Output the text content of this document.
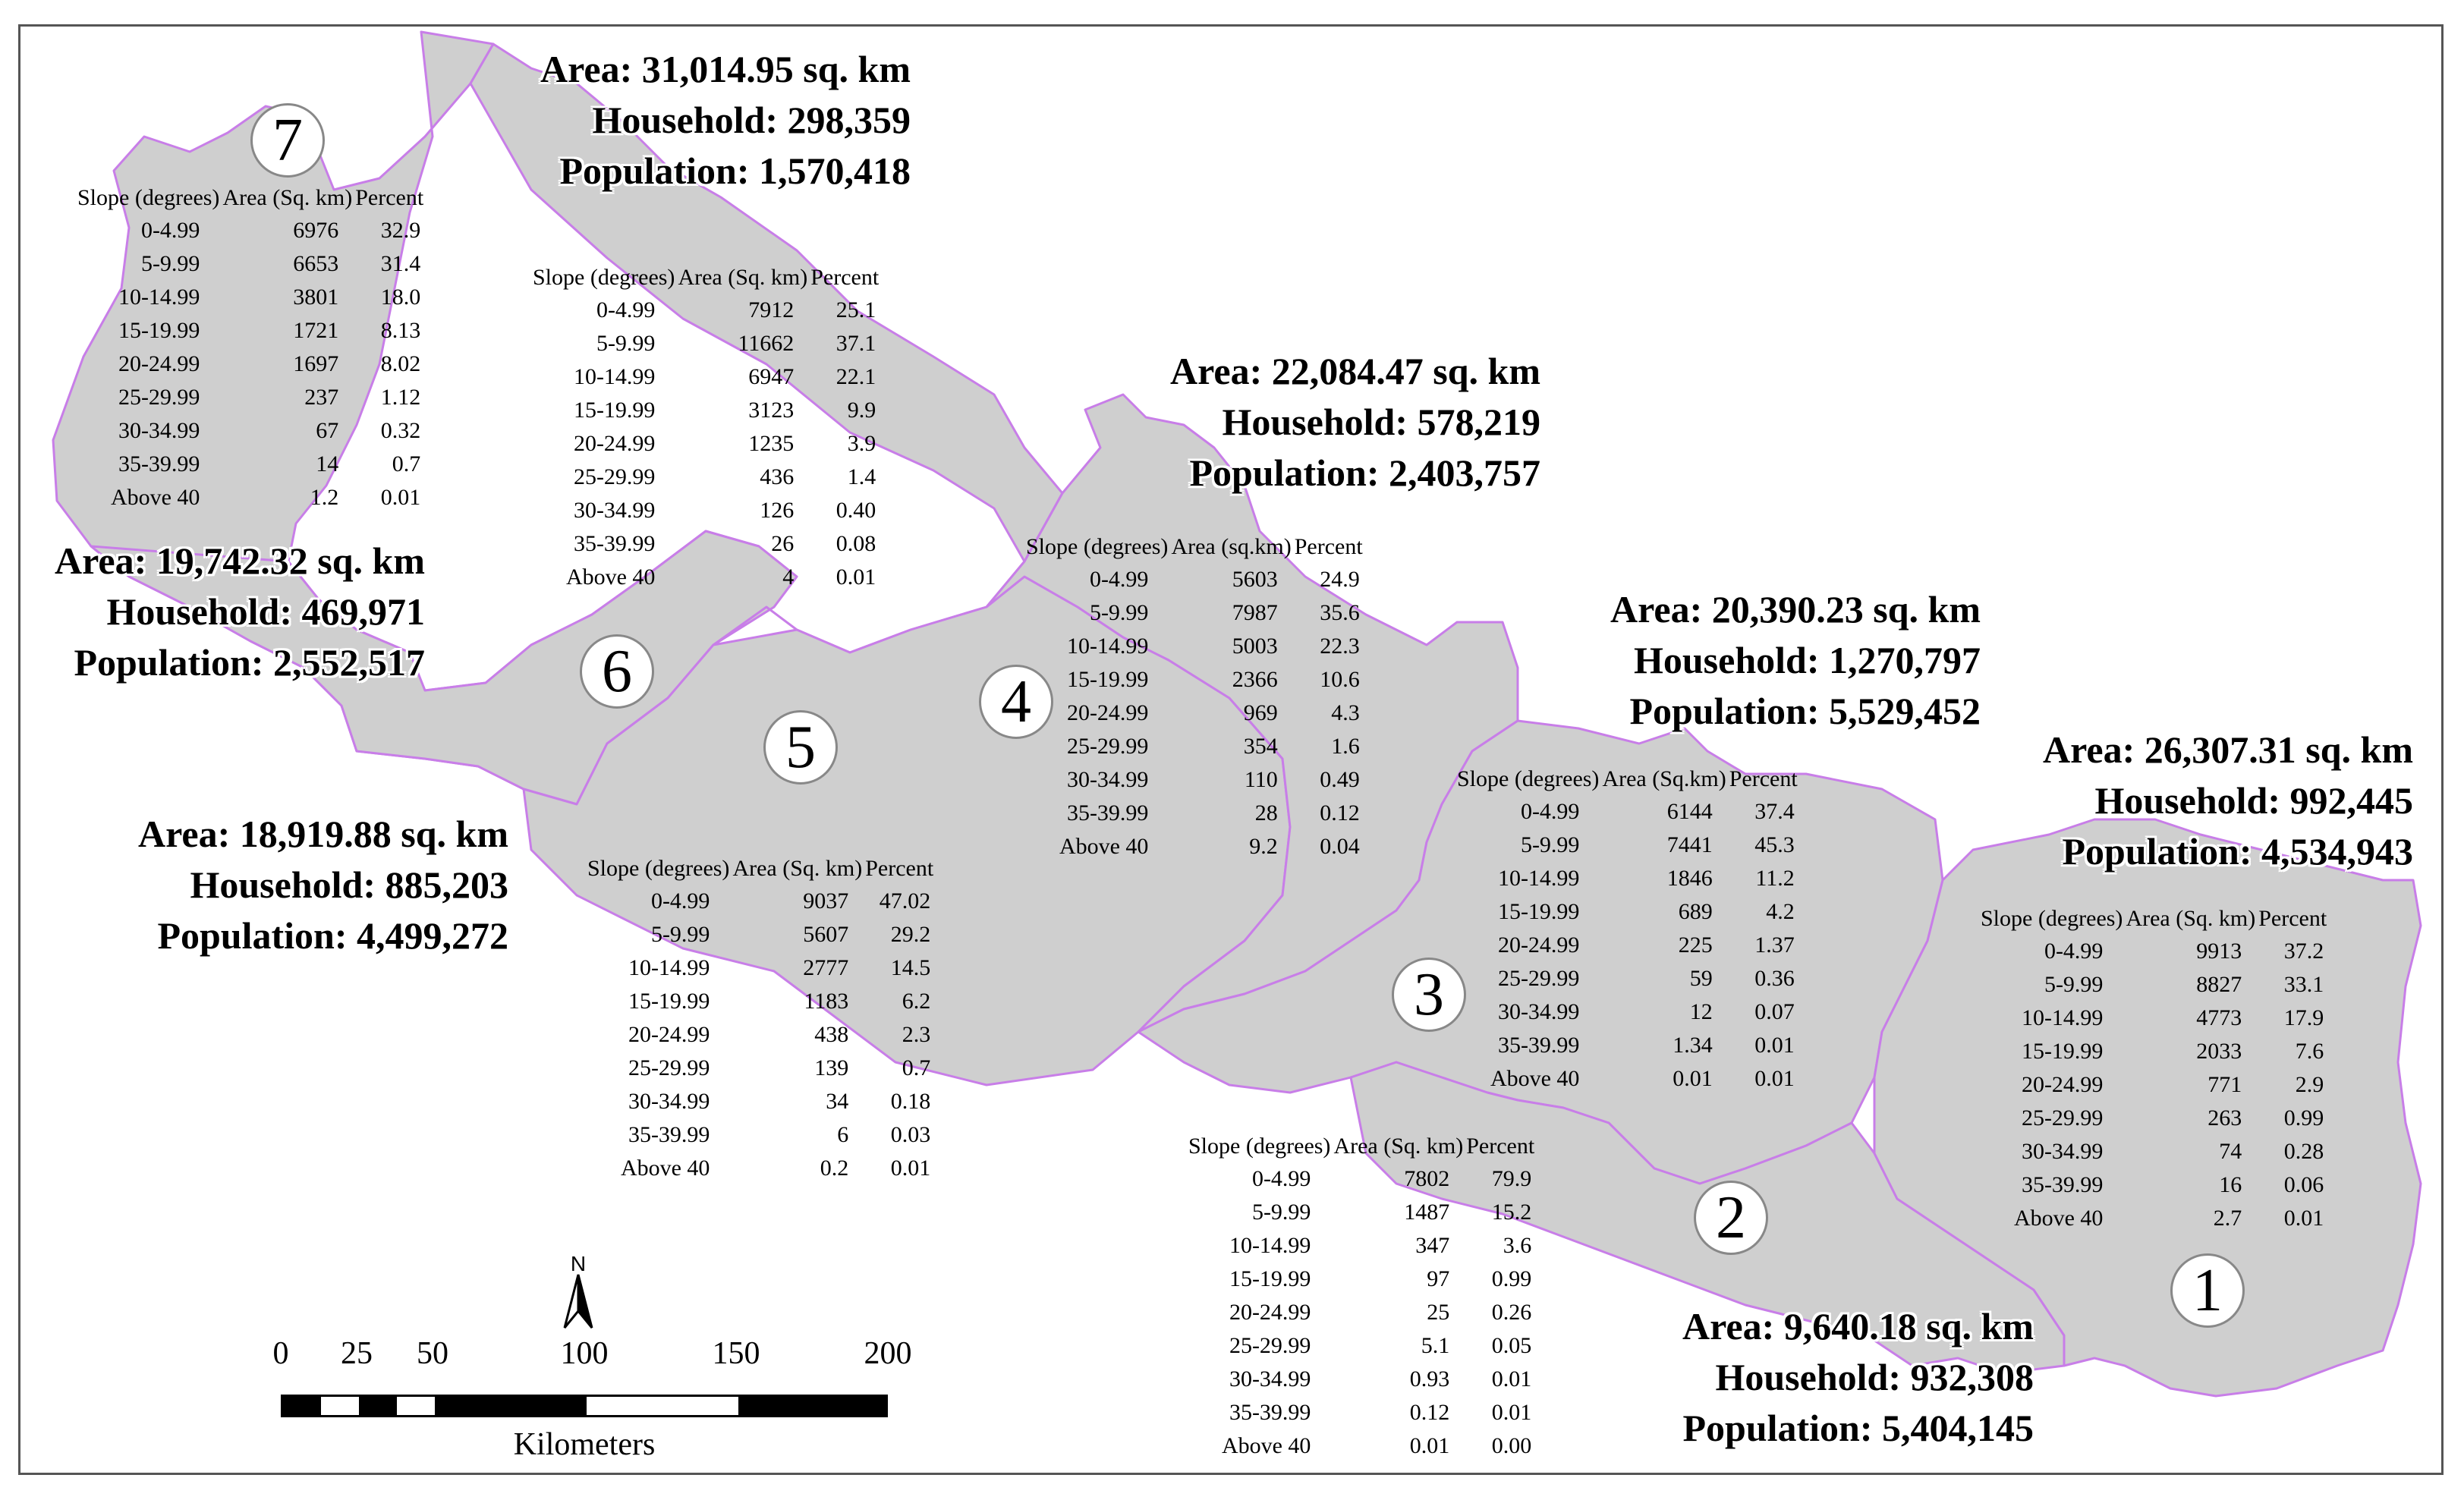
1
2
3
4
5
6
7
Area: 26,307.31 sq. km
Household: 992,445
Population: 4,534,943
Area: 9,640.18 sq. km
Household: 932,308
Population: 5,404,145
Area: 20,390.23 sq. km
Household: 1,270,797
Population: 5,529,452
Area: 22,084.47 sq. km
Household: 578,219
Population: 2,403,757
Area: 18,919.88 sq. km
Household: 885,203
Population: 4,499,272
Area: 31,014.95 sq. km
Household: 298,359
Population: 1,570,418
Area: 19,742.32 sq. km
Household: 469,971
Population: 2,552,517
Slope (degrees)	Area (Sq. km)	Percent
0-4.99	9913	37.2
5-9.99	8827	33.1
10-14.99	4773	17.9
15-19.99	2033	7.6
20-24.99	771	2.9
25-29.99	263	0.99
30-34.99	74	0.28
35-39.99	16	0.06
Above 40	2.7	0.01
Slope (degrees)	Area (Sq. km)	Percent
0-4.99	7802	79.9
5-9.99	1487	15.2
10-14.99	347	3.6
15-19.99	97	0.99
20-24.99	25	0.26
25-29.99	5.1	0.05
30-34.99	0.93	0.01
35-39.99	0.12	0.01
Above 40	0.01	0.00
Slope (degrees)	Area (Sq.km)	Percent
0-4.99	6144	37.4
5-9.99	7441	45.3
10-14.99	1846	11.2
15-19.99	689	4.2
20-24.99	225	1.37
25-29.99	59	0.36
30-34.99	12	0.07
35-39.99	1.34	0.01
Above 40	0.01	0.01
Slope (degrees)	Area (sq.km)	Percent
0-4.99	5603	24.9
5-9.99	7987	35.6
10-14.99	5003	22.3
15-19.99	2366	10.6
20-24.99	969	4.3
25-29.99	354	1.6
30-34.99	110	0.49
35-39.99	28	0.12
Above 40	9.2	0.04
Slope (degrees)	Area (Sq. km)	Percent
0-4.99	9037	47.02
5-9.99	5607	29.2
10-14.99	2777	14.5
15-19.99	1183	6.2
20-24.99	438	2.3
25-29.99	139	0.7
30-34.99	34	0.18
35-39.99	6	0.03
Above 40	0.2	0.01
Slope (degrees)	Area (Sq. km)	Percent
0-4.99	7912	25.1
5-9.99	11662	37.1
10-14.99	6947	22.1
15-19.99	3123	9.9
20-24.99	1235	3.9
25-29.99	436	1.4
30-34.99	126	0.40
35-39.99	26	0.08
Above 40	4	0.01
Slope (degrees)	Area (Sq. km)	Percent
0-4.99	6976	32.9
5-9.99	6653	31.4
10-14.99	3801	18.0
15-19.99	1721	8.13
20-24.99	1697	8.02
25-29.99	237	1.12
30-34.99	67	0.32
35-39.99	14	0.7
Above 40	1.2	0.01
N
0 25 50	100	150	200
Kilometers
